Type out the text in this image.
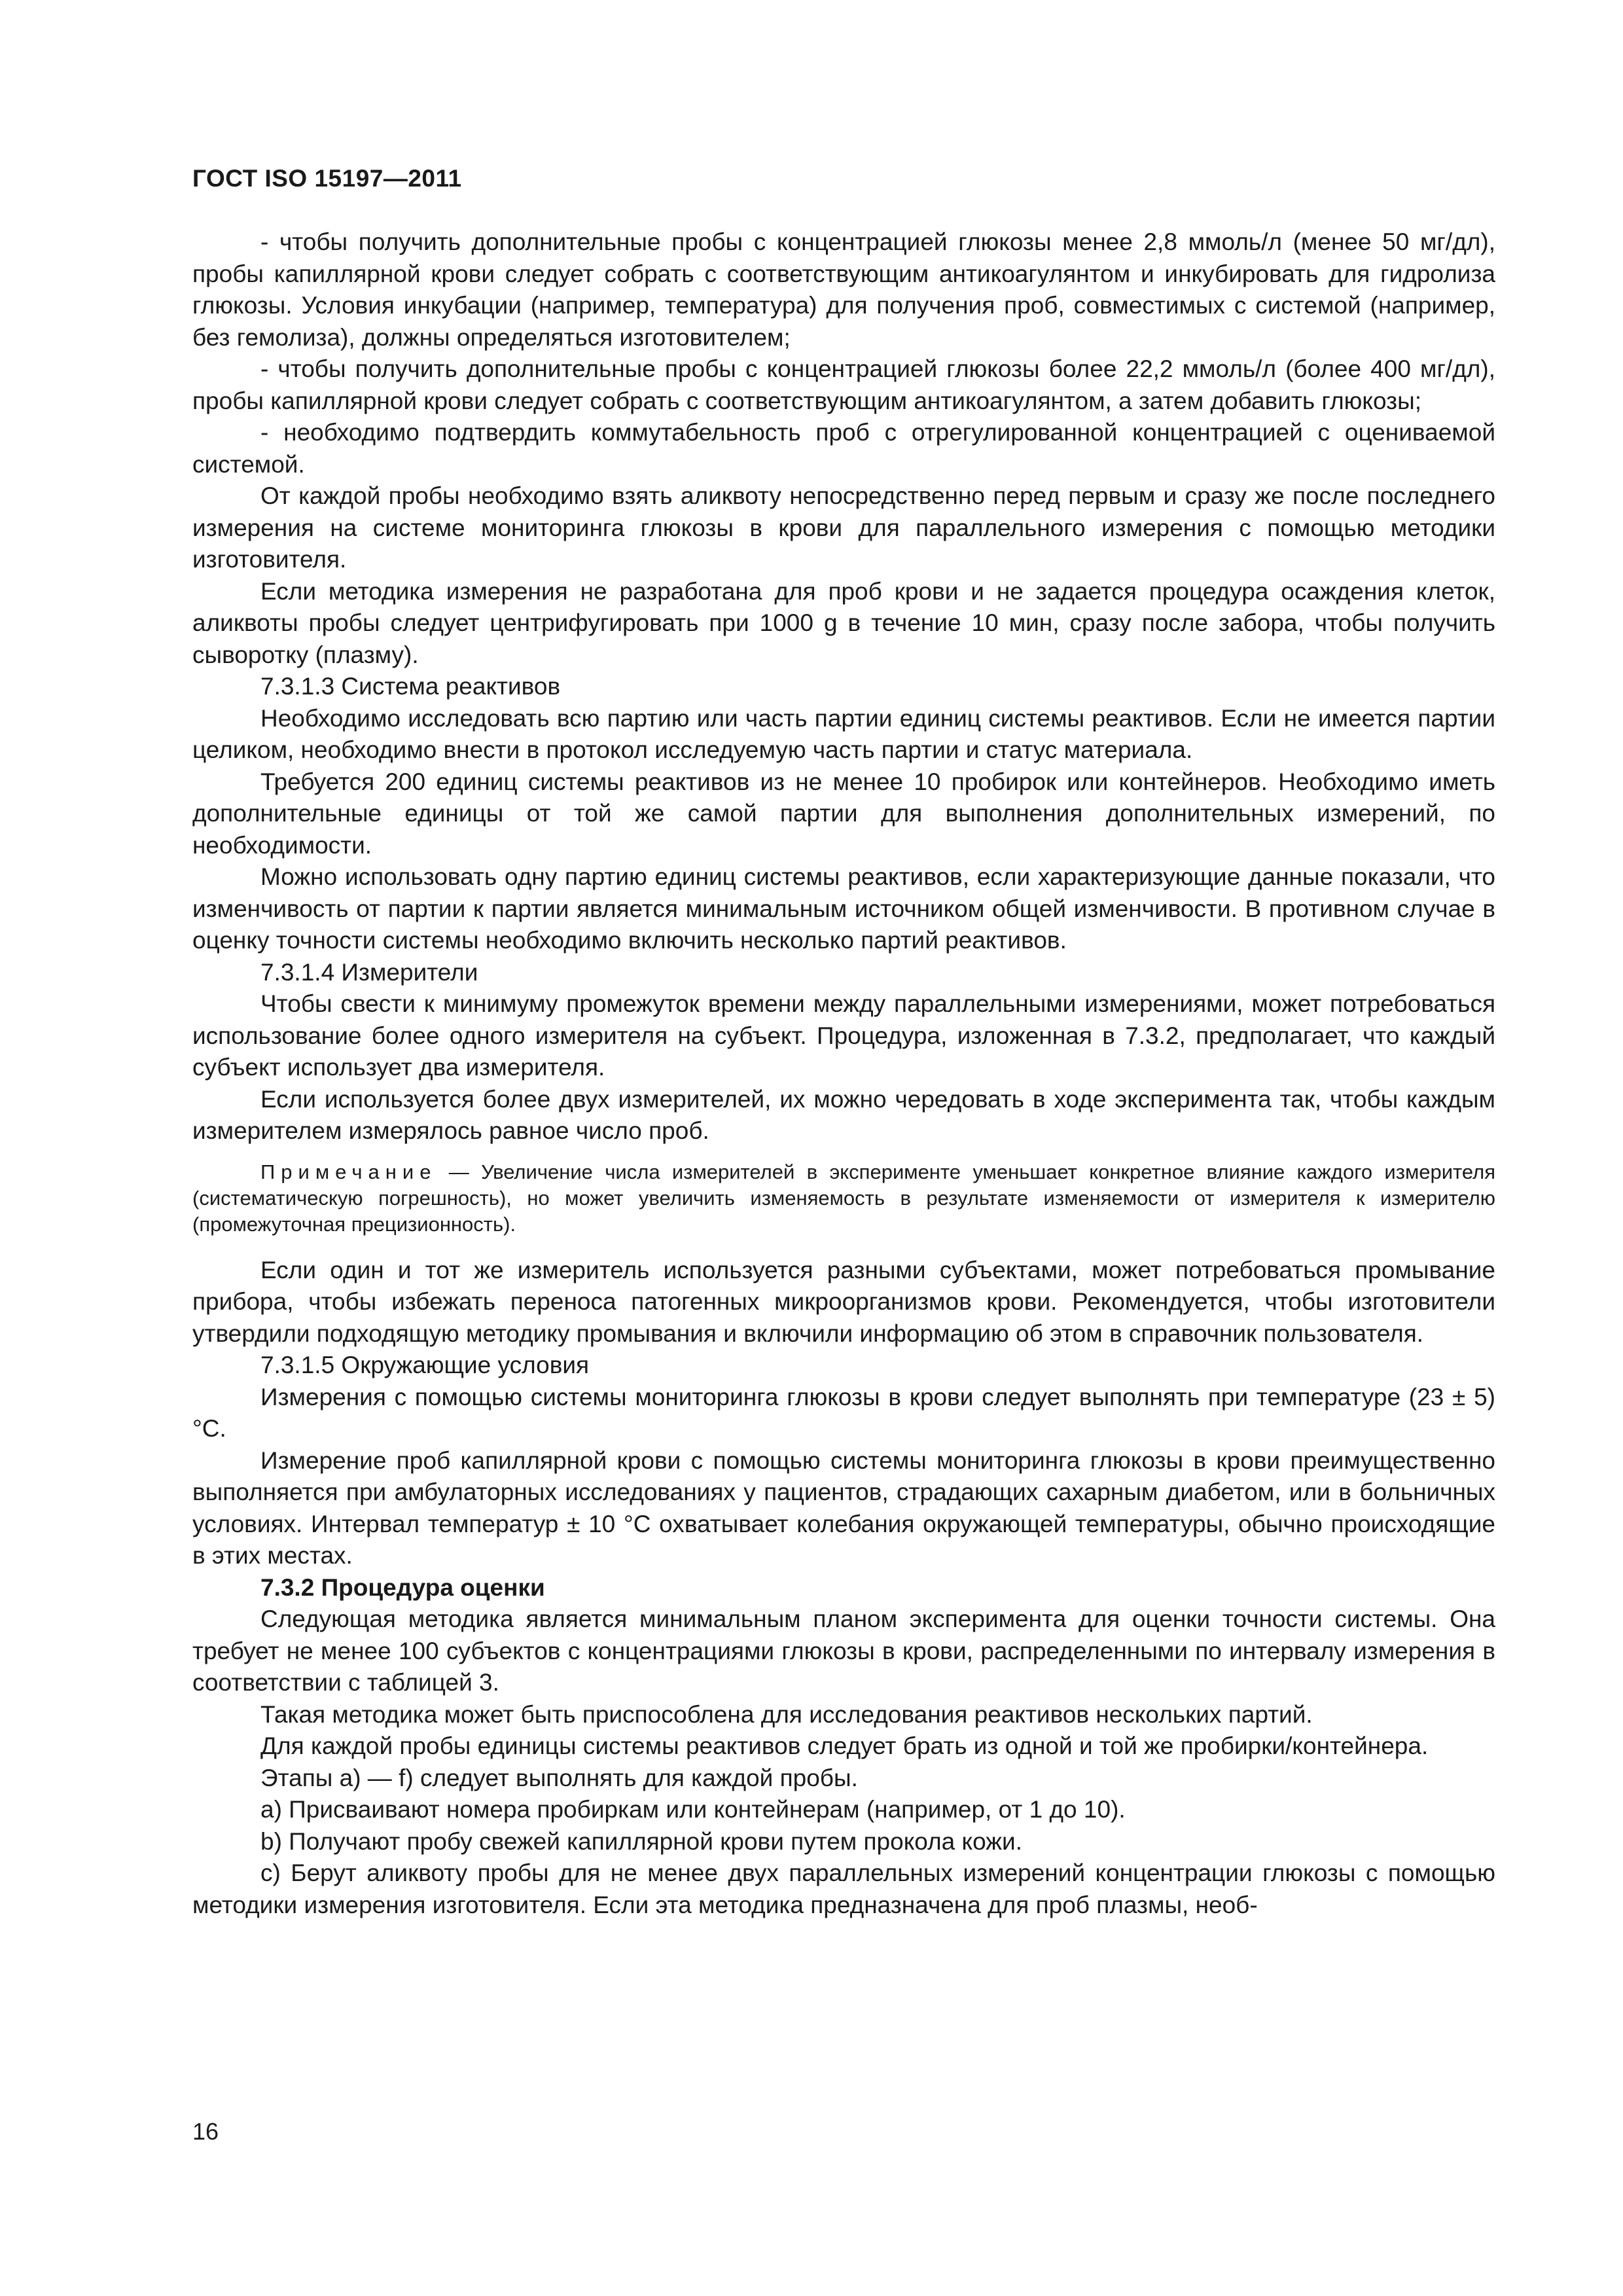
ГОСТ ISO 15197—2011

- чтобы получить дополнительные пробы с концентрацией глюкозы менее 2,8 ммоль/л (менее 50 мг/дл), пробы капиллярной крови следует собрать с соответствующим антикоагулянтом и инкубировать для гидролиза глюкозы. Условия инкубации (например, температура) для получения проб, совместимых с системой (например, без гемолиза), должны определяться изготовителем;

- чтобы получить дополнительные пробы с концентрацией глюкозы более 22,2 ммоль/л (более 400 мг/дл), пробы капиллярной крови следует собрать с соответствующим антикоагулянтом, а затем добавить глюкозы;

- необходимо подтвердить коммутабельность проб с отрегулированной концентрацией с оцениваемой системой.

От каждой пробы необходимо взять аликвоту непосредственно перед первым и сразу же после последнего измерения на системе мониторинга глюкозы в крови для параллельного измерения с помощью методики изготовителя.

Если методика измерения не разработана для проб крови и не задается процедура осаждения клеток, аликвоты пробы следует центрифугировать при 1000 g в течение 10 мин, сразу после забора, чтобы получить сыворотку (плазму).

7.3.1.3 Система реактивов

Необходимо исследовать всю партию или часть партии единиц системы реактивов. Если не имеется партии целиком, необходимо внести в протокол исследуемую часть партии и статус материала.

Требуется 200 единиц системы реактивов из не менее 10 пробирок или контейнеров. Необходимо иметь дополнительные единицы от той же самой партии для выполнения дополнительных измерений, по необходимости.

Можно использовать одну партию единиц системы реактивов, если характеризующие данные показали, что изменчивость от партии к партии является минимальным источником общей изменчивости. В противном случае в оценку точности системы необходимо включить несколько партий реактивов.

7.3.1.4 Измерители

Чтобы свести к минимуму промежуток времени между параллельными измерениями, может потребоваться использование более одного измерителя на субъект. Процедура, изложенная в 7.3.2, предполагает, что каждый субъект использует два измерителя.

Если используется более двух измерителей, их можно чередовать в ходе эксперимента так, чтобы каждым измерителем измерялось равное число проб.

Примечание — Увеличение числа измерителей в эксперименте уменьшает конкретное влияние каждого измерителя (систематическую погрешность), но может увеличить изменяемость в результате изменяемости от измерителя к измерителю (промежуточная прецизионность).

Если один и тот же измеритель используется разными субъектами, может потребоваться промывание прибора, чтобы избежать переноса патогенных микроорганизмов крови. Рекомендуется, чтобы изготовители утвердили подходящую методику промывания и включили информацию об этом в справочник пользователя.

7.3.1.5 Окружающие условия

Измерения с помощью системы мониторинга глюкозы в крови следует выполнять при температуре (23 ± 5) °C.

Измерение проб капиллярной крови с помощью системы мониторинга глюкозы в крови преимущественно выполняется при амбулаторных исследованиях у пациентов, страдающих сахарным диабетом, или в больничных условиях. Интервал температур ± 10 °C охватывает колебания окружающей температуры, обычно происходящие в этих местах.

7.3.2 Процедура оценки

Следующая методика является минимальным планом эксперимента для оценки точности системы. Она требует не менее 100 субъектов с концентрациями глюкозы в крови, распределенными по интервалу измерения в соответствии с таблицей 3.

Такая методика может быть приспособлена для исследования реактивов нескольких партий.

Для каждой пробы единицы системы реактивов следует брать из одной и той же пробирки/контейнера.

Этапы a) — f) следует выполнять для каждой пробы.

a) Присваивают номера пробиркам или контейнерам (например, от 1 до 10).

b) Получают пробу свежей капиллярной крови путем прокола кожи.

c) Берут аликвоту пробы для не менее двух параллельных измерений концентрации глюкозы с помощью методики измерения изготовителя. Если эта методика предназначена для проб плазмы, необ-

16
